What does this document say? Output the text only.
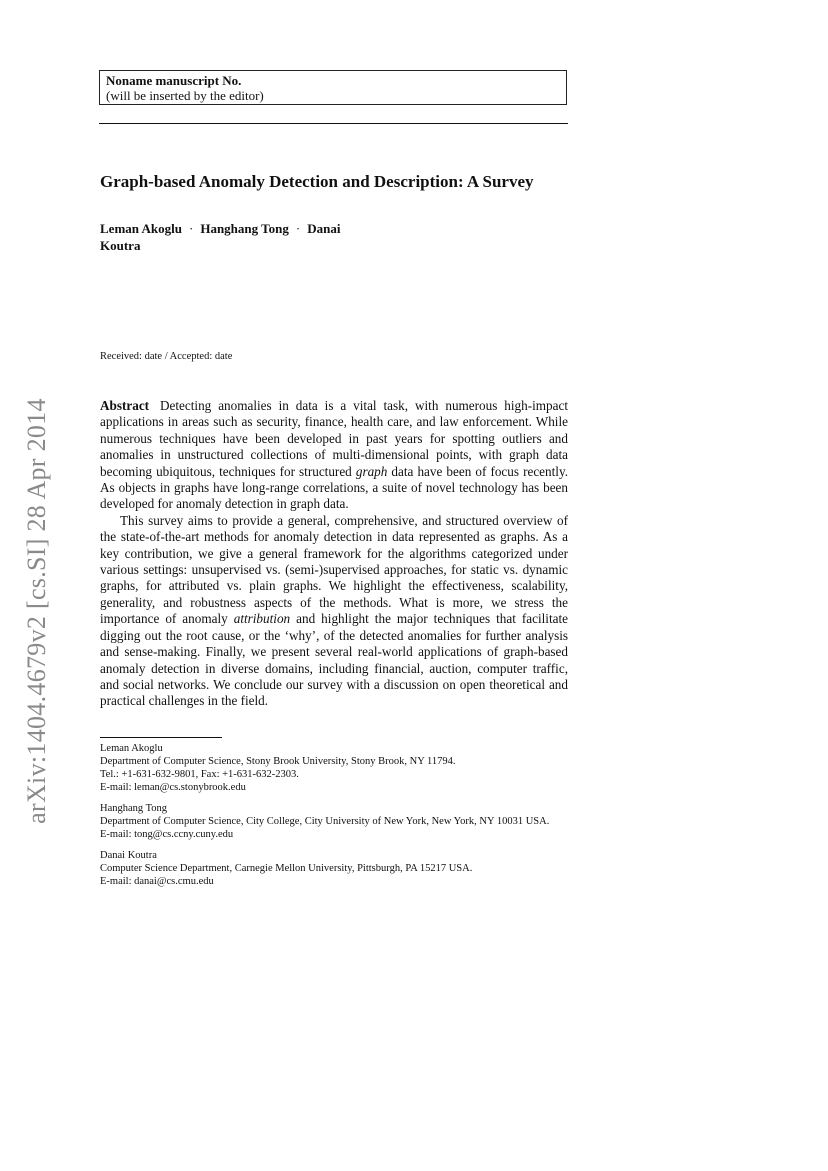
arXiv:1404.4679v2 [cs.SI] 28 Apr 2014
Noname manuscript No.
(will be inserted by the editor)
Graph-based Anomaly Detection and Description: A Survey
Leman Akoglu · Hanghang Tong · Danai Koutra
Received: date / Accepted: date

Abstract Detecting anomalies in data is a vital task, with numerous high-impact applications in areas such as security, finance, health care, and law enforcement. While numerous techniques have been developed in past years for spotting outliers and anomalies in unstructured collections of multi-dimensional points, with graph data becoming ubiquitous, techniques for structured graph data have been of focus recently. As objects in graphs have long-range correlations, a suite of novel technology has been developed for anomaly detection in graph data.

This survey aims to provide a general, comprehensive, and structured overview of the state-of-the-art methods for anomaly detection in data represented as graphs. As a key contribution, we give a general framework for the algorithms categorized under various settings: unsupervised vs. (semi-)supervised approaches, for static vs. dynamic graphs, for attributed vs. plain graphs. We highlight the effectiveness, scalability, generality, and robustness aspects of the methods. What is more, we stress the importance of anomaly attribution and highlight the major techniques that facilitate digging out the root cause, or the ‘why’, of the detected anomalies for further analysis and sense-making. Finally, we present several real-world applications of graph-based anomaly detection in diverse domains, including financial, auction, computer traffic, and social networks. We conclude our survey with a discussion on open theoretical and practical challenges in the field.

Leman Akoglu
Department of Computer Science, Stony Brook University, Stony Brook, NY 11794.
Tel.: +1-631-632-9801, Fax: +1-631-632-2303.
E-mail: leman@cs.stonybrook.edu
Hanghang Tong
Department of Computer Science, City College, City University of New York, New York, NY 10031 USA.
E-mail: tong@cs.ccny.cuny.edu
Danai Koutra
Computer Science Department, Carnegie Mellon University, Pittsburgh, PA 15217 USA.
E-mail: danai@cs.cmu.edu
